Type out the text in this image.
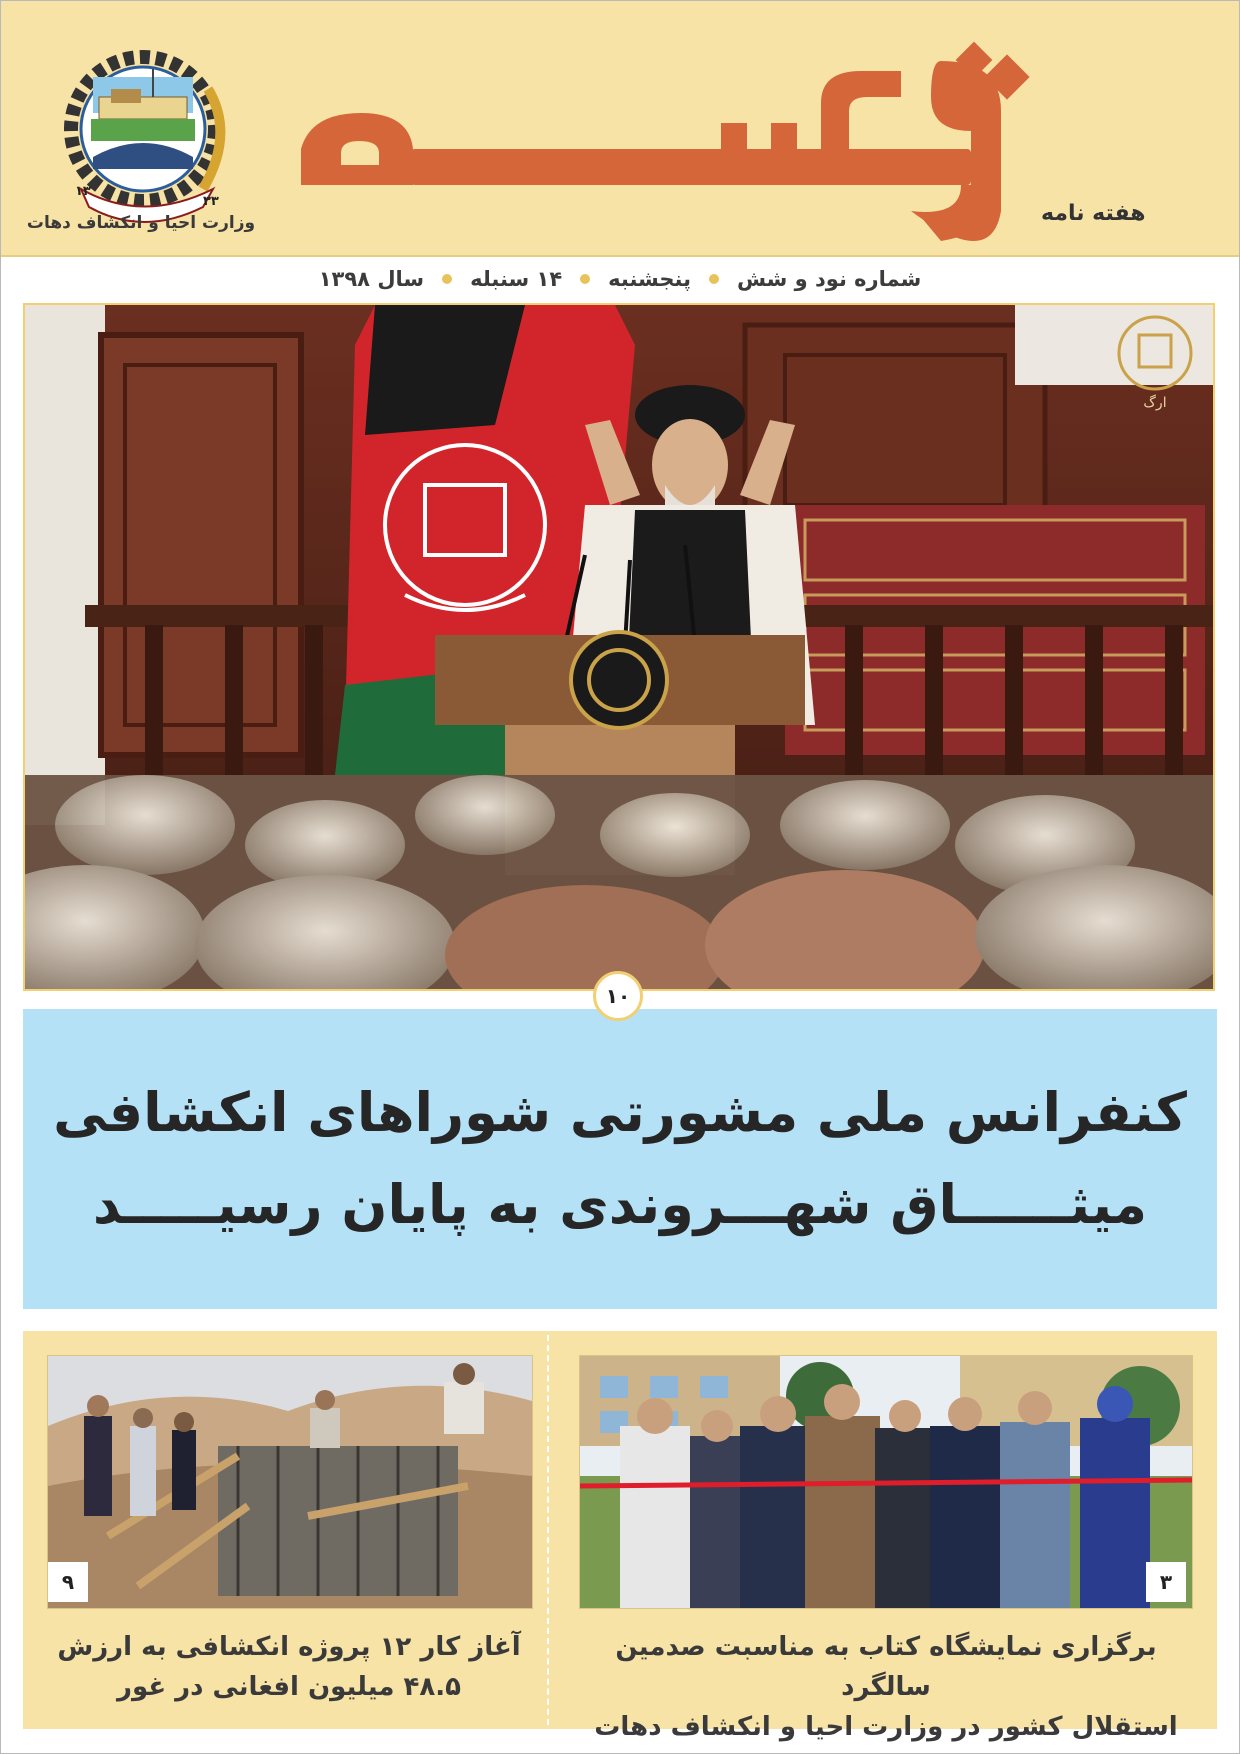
۳۳
۱۳
وزارت احیا و انکشاف دهات	هفته نامه
شماره نود و شش
پنجشنبه
۱۴ سنبله
سال ۱۳۹۸
ارگ
۱۰
کنفرانس ملی مشورتی شوراهای انکشافی
میثــــــاق شهـــروندی به پایان رسیـــــد
۳
برگزاری نمایشگاه کتاب به مناسبت صدمین سالگرد
استقلال کشور در وزارت احیا و انکشاف دهات
۹
آغاز کار ۱۲ پروژه انکشافی به ارزش
۴۸.۵ میلیون افغانی در غور
